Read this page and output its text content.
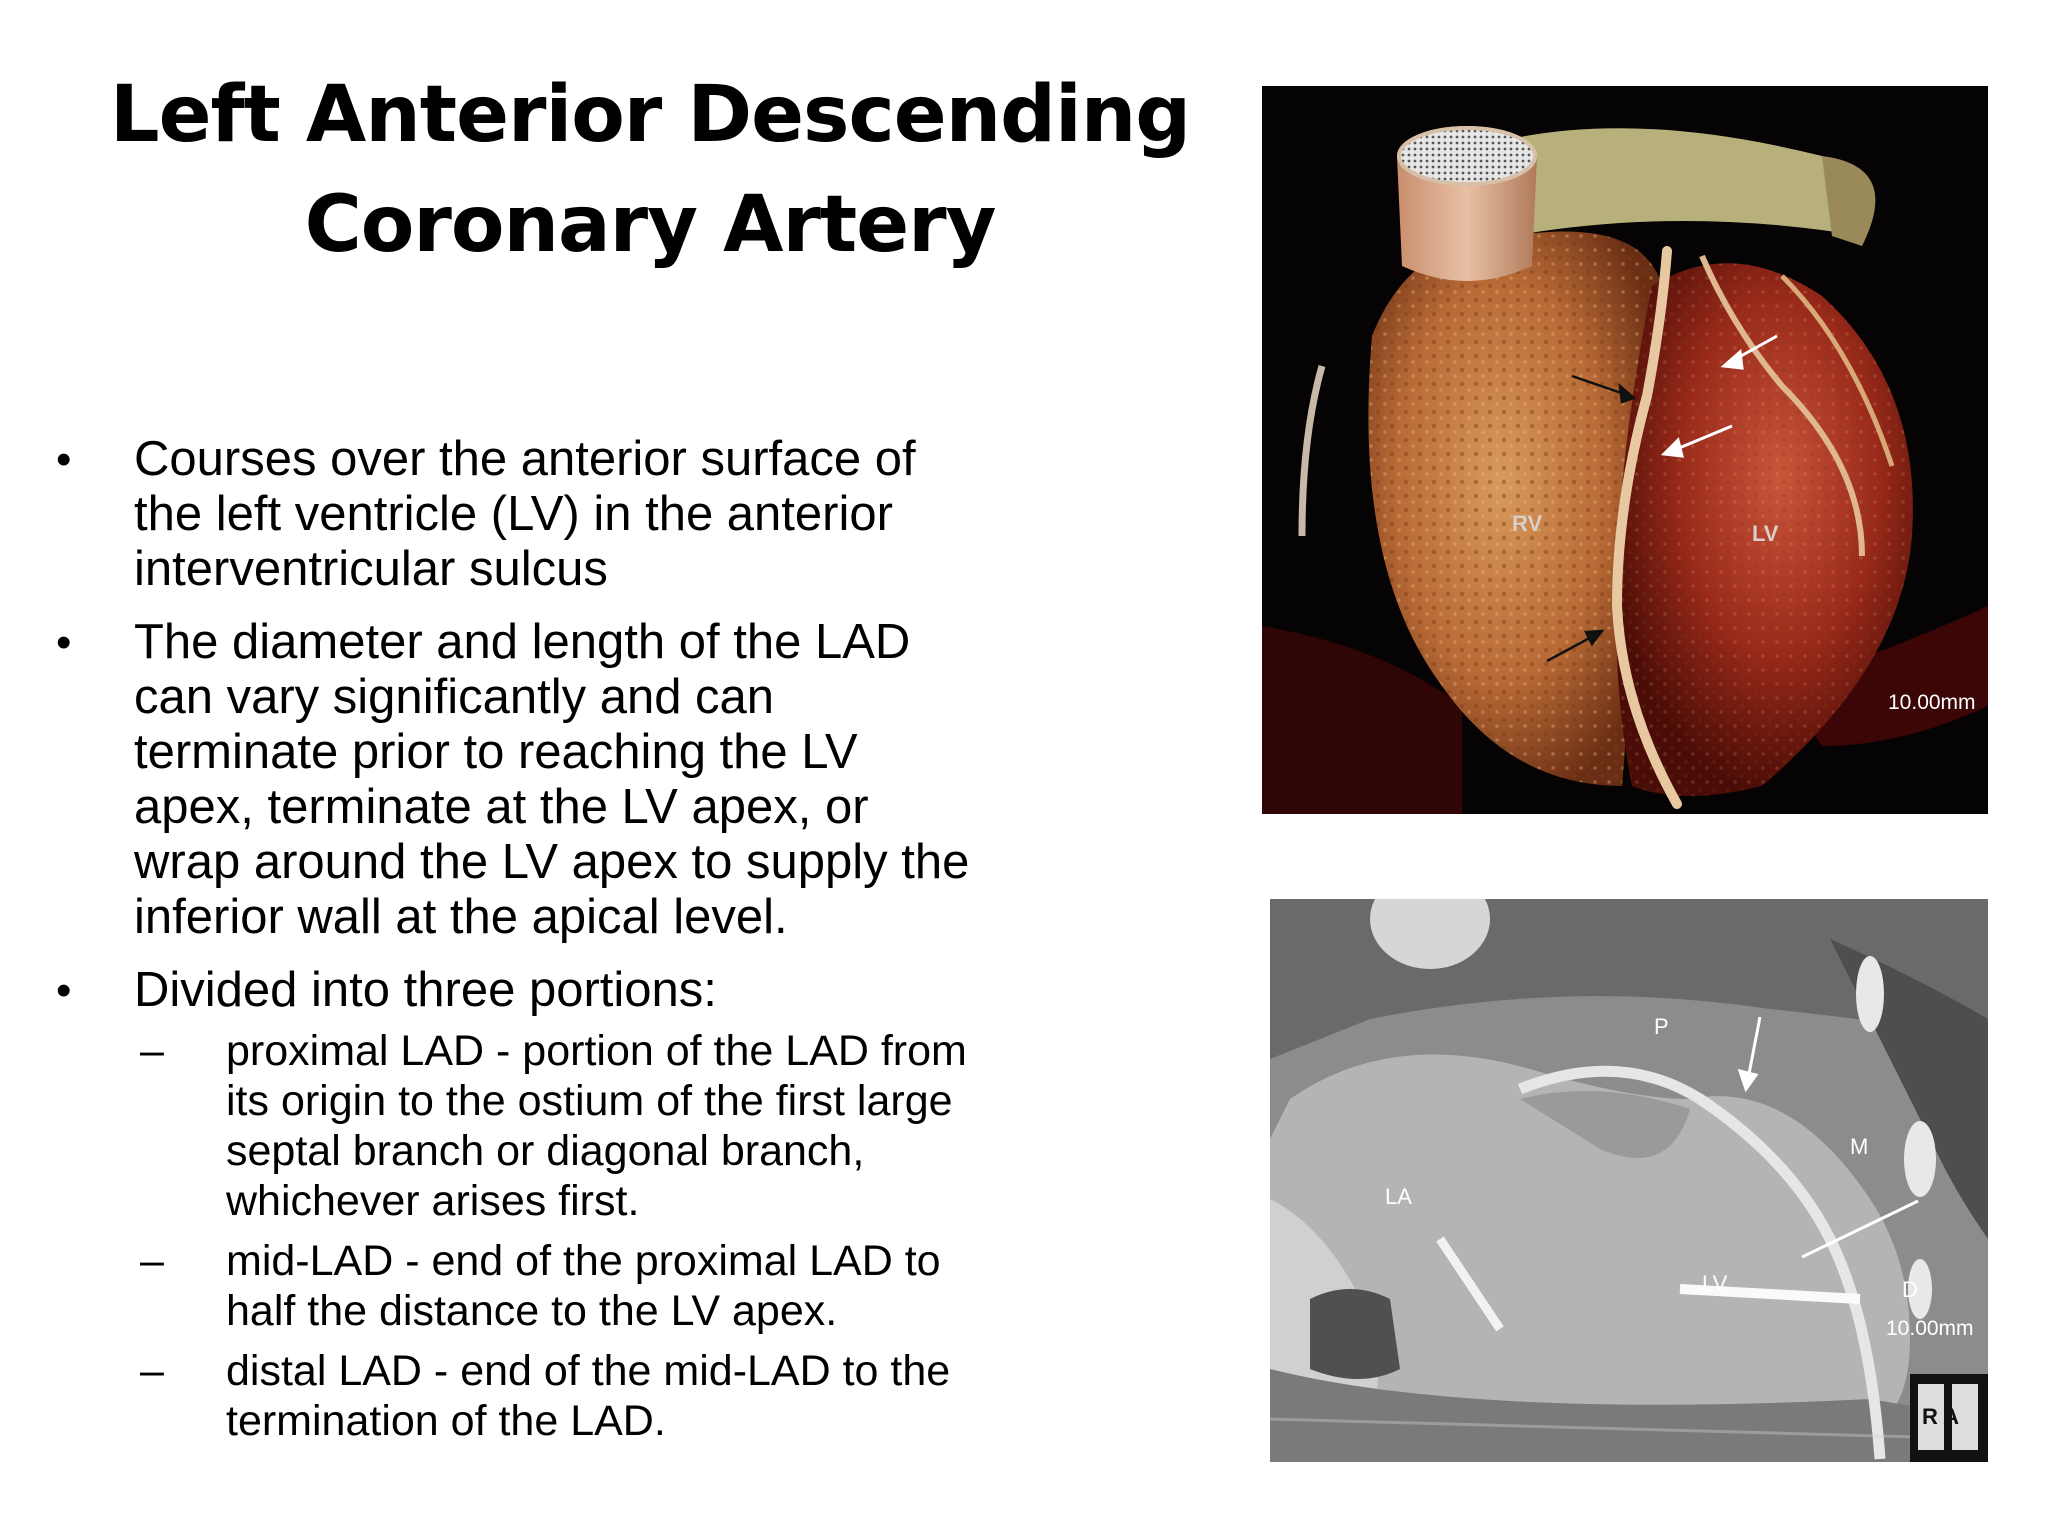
Left Anterior Descending
Coronary Artery
• Courses over the anterior surface of
the left ventricle (LV) in the anterior
interventricular sulcus
• The diameter and length of the LAD
can vary significantly and can
terminate prior to reaching the LV
apex, terminate at the LV apex, or
wrap around the LV apex to supply the
inferior wall at the apical level.
• Divided into three portions:
– proximal LAD - portion of the LAD from
its origin to the ostium of the first large
septal branch or diagonal branch,
whichever arises first.
– mid-LAD - end of the proximal LAD to
half the distance to the LV apex.
– distal LAD - end of the mid-LAD to the
termination of the LAD.
RV	LV
10.00mm
P
M
LA
LV	D
10.00mm
R A
